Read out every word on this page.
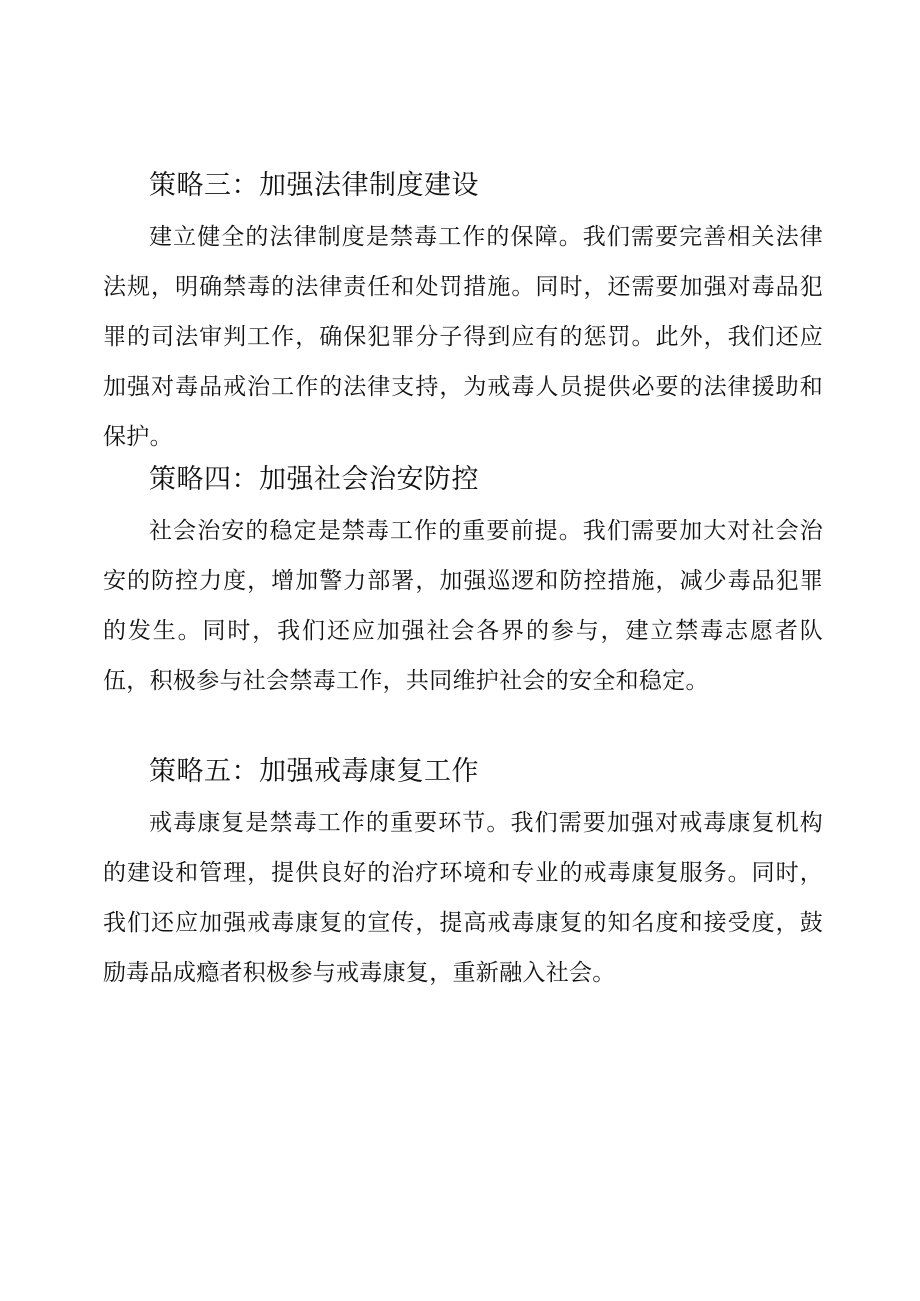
策略三：加强法律制度建设

建立健全的法律制度是禁毒工作的保障。我们需要完善相关法律法规，明确禁毒的法律责任和处罚措施。同时，还需要加强对毒品犯罪的司法审判工作，确保犯罪分子得到应有的惩罚。此外，我们还应加强对毒品戒治工作的法律支持，为戒毒人员提供必要的法律援助和保护。

策略四：加强社会治安防控

社会治安的稳定是禁毒工作的重要前提。我们需要加大对社会治安的防控力度，增加警力部署，加强巡逻和防控措施，减少毒品犯罪的发生。同时，我们还应加强社会各界的参与，建立禁毒志愿者队伍，积极参与社会禁毒工作，共同维护社会的安全和稳定。

策略五：加强戒毒康复工作

戒毒康复是禁毒工作的重要环节。我们需要加强对戒毒康复机构的建设和管理，提供良好的治疗环境和专业的戒毒康复服务。同时，我们还应加强戒毒康复的宣传，提高戒毒康复的知名度和接受度，鼓励毒品成瘾者积极参与戒毒康复，重新融入社会。
